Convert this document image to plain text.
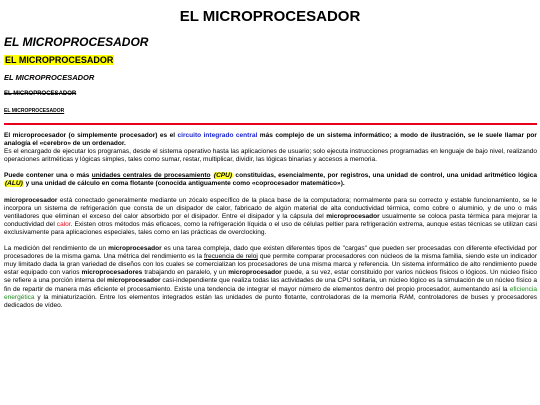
EL MICROPROCESADOR
EL MICROPROCESADOR
EL MICROPROCESADOR
EL MICROPROCESADOR
EL MICROPROCESADOR
EL MICROPROCESADOR

El microprocesador (o simplemente procesador) es el circuito integrado central más complejo de un sistema informático; a modo de ilustración, se le suele llamar por analogía el «cerebro» de un ordenador.
Es el encargado de ejecutar los programas, desde el sistema operativo hasta las aplicaciones de usuario; solo ejecuta instrucciones programadas en lenguaje de bajo nivel, realizando operaciones aritméticas y lógicas simples, tales como sumar, restar, multiplicar, dividir, las lógicas binarias y accesos a memoria.

Puede contener una o más unidades centrales de procesamiento (CPU) constituidas, esencialmente, por registros, una unidad de control, una unidad aritmético lógica (ALU) y una unidad de cálculo en coma flotante (conocida antiguamente como «coprocesador matemático»).

microprocesador está conectado generalmente mediante un zócalo específico de la placa base de la computadora; normalmente para su correcto y estable funcionamiento, se le incorpora un sistema de refrigeración que consta de un disipador de calor, fabricado de algún material de alta conductividad térmica, como cobre o aluminio, y de uno o más ventiladores que eliminan el exceso del calor absorbido por el disipador. Entre el disipador y la cápsula del microprocesador usualmente se coloca pasta térmica para mejorar la conductividad del calor. Existen otros métodos más eficaces, como la refrigeración líquida o el uso de células peltier para refrigeración extrema, aunque estas técnicas se utilizan casi exclusivamente para aplicaciones especiales, tales como en las prácticas de overclocking.

La medición del rendimiento de un microprocesador es una tarea compleja, dado que existen diferentes tipos de "cargas" que pueden ser procesadas con diferente efectividad por procesadores de la misma gama. Una métrica del rendimiento es la frecuencia de reloj que permite comparar procesadores con núcleos de la misma familia, siendo este un indicador muy limitado dada la gran variedad de diseños con los cuales se comercializan los procesadores de una misma marca y referencia. Un sistema informático de alto rendimiento puede estar equipado con varios microprocesadores trabajando en paralelo, y un microprocesador puede, a su vez, estar constituido por varios núcleos físicos o lógicos. Un núcleo físico se refiere a una porción interna del microprocesador casi-independiente que realiza todas las actividades de una CPU solitaria, un núcleo lógico es la simulación de un núcleo físico a fin de repartir de manera más eficiente el procesamiento. Existe una tendencia de integrar el mayor número de elementos dentro del propio procesador, aumentando así la eficiencia energética y la miniaturización. Entre los elementos integrados están las unidades de punto flotante, controladoras de la memoria RAM, controladores de buses y procesadores dedicados de vídeo.
